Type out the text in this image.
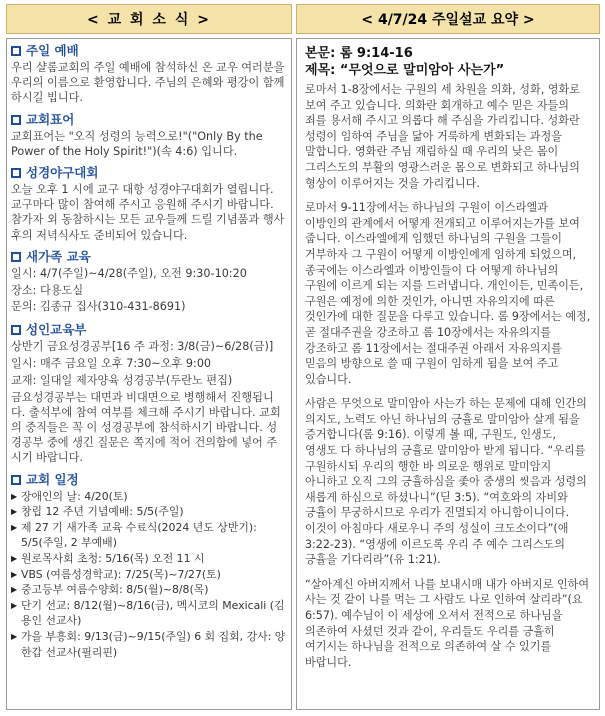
< 교 회 소 식 >	< 4/7/24 주일설교 요약 >
주일 예배
우리 샬롬교회의 주일 예배에 참석하신 온 교우 여러분을 우리의 이름으로 환영합니다. 주님의 은혜와 평강이 함께 하시길 빕니다.
교회표어
교회표어는 "오직 성령의 능력으로!"("Only By the Power of the Holy Spirit!")(속 4:6) 입니다.
성경야구대회
오늘 오후 1 시에 교구 대항 성경야구대회가 열립니다. 교구마다 많이 참여해 주시고 응원해 주시기 바랍니다. 참가자 외 동참하시는 모든 교우들께 드릴 기념품과 행사 후의 저녁식사도 준비되어 있습니다.
새가족 교육
일시: 4/7(주일)~4/28(주일), 오전 9:30-10:20
장소: 다용도실
문의: 김종규 집사(310-431-8691)
성인교육부
상반기 금요성경공부[16 주 과정: 3/8(금)~6/28(금)]
일시: 매주 금요일 오후 7:30~오후 9:00
교재: 일대일 제자양육 성경공부(두란노 편집)
금요성경공부는 대면과 비대면으로 병행해서 진행됩니다. 출석부에 참여 여부를 체크해 주시기 바랍니다. 교회의 중직들은 꼭 이 성경공부에 참석하시기 바랍니다. 성경공부 중에 생긴 질문은 쪽지에 적어 건의함에 넣어 주시기 바랍니다.
교회 일정
▶ 장애인의 날: 4/20(토)
▶ 창립 12 주년 기념예배: 5/5(주일)
▶ 제 27 기 새가족 교육 수료식(2024 년도 상반기): 5/5(주일, 2 부예배)
▶ 원로목사회 초청: 5/16(목) 오전 11 시
▶ VBS (여름성경학교): 7/25(목)~7/27(토)
▶ 중고등부 여름수양회: 8/5(월)~8/8(목)
▶ 단기 선교: 8/12(월)~8/16(금), 멕시코의 Mexicali (김용인 선교사)
▶ 가을 부흥회: 9/13(금)~9/15(주일) 6 회 집회, 강사: 양한갑 선교사(필리핀)
본문: 롬 9:14-16
제목: “무엇으로 말미암아 사는가”

로마서 1-8장에서는 구원의 세 차원을 의화, 성화, 영화로 보여 주고 있습니다. 의화란 회개하고 예수 믿은 자들의 죄를 용서해 주시고 의롭다 해 주심을 가리킵니다. 성화란 성령이 임하여 주님을 닮아 거룩하게 변화되는 과정을 말합니다. 영화란 주님 재림하실 때 우리의 낮은 몸이 그리스도의 부활의 영광스러운 몸으로 변화되고 하나님의 형상이 이루어지는 것을 가리킵니다.

로마서 9-11장에서는 하나님의 구원이 이스라엘과 이방인의 관계에서 어떻게 전개되고 이루어지는가를 보여 줍니다. 이스라엘에게 임했던 하나님의 구원을 그들이 거부하자 그 구원이 어떻게 이방인에게 임하게 되었으며, 종국에는 이스라엘과 이방인들이 다 어떻게 하나님의 구원에 이르게 되는 지를 드러냅니다. 개인이든, 민족이든, 구원은 예정에 의한 것인가, 아니면 자유의지에 따른 것인가에 대한 질문을 다루고 있습니다. 롬 9장에서는 예정, 곧 절대주권을 강조하고 롬 10장에서는 자유의지를 강조하고 롬 11장에서는 절대주권 아래서 자유의지를 믿음의 방향으로 쓸 때 구원이 임하게 됨을 보여 주고 있습니다.

사람은 무엇으로 말미암아 사는가 하는 문제에 대해 인간의 의지도, 노력도 아닌 하나님의 긍휼로 말미암아 살게 됨을 증거합니다(롬 9:16). 이렇게 볼 때, 구원도, 인생도, 영생도 다 하나님의 긍휼로 말미암아 받게 됩니다. “우리를 구원하시되 우리의 행한 바 의로운 행위로 말미암지 아니하고 오직 그의 긍휼하심을 좇아 중생의 씻음과 성령의 새롭게 하심으로 하셨나니”(딛 3:5). “여호와의 자비와 긍휼이 무궁하시므로 우리가 진멸되지 아니함이니이다. 이것이 아침마다 새로우니 주의 성실이 크도소이다”(애 3:22-23). “영생에 이르도록 우리 주 예수 그리스도의 긍휼을 기다리라”(유 1:21).

“살아계신 아버지께서 나를 보내시매 내가 아버지로 인하여 사는 것 같이 나를 먹는 그 사람도 나로 인하여 살리라”(요 6:57). 예수님이 이 세상에 오셔서 전적으로 하나님을 의존하여 사셨던 것과 같이, 우리들도 우리를 긍휼히 여기시는 하나님을 전적으로 의존하여 살 수 있기를 바랍니다.
